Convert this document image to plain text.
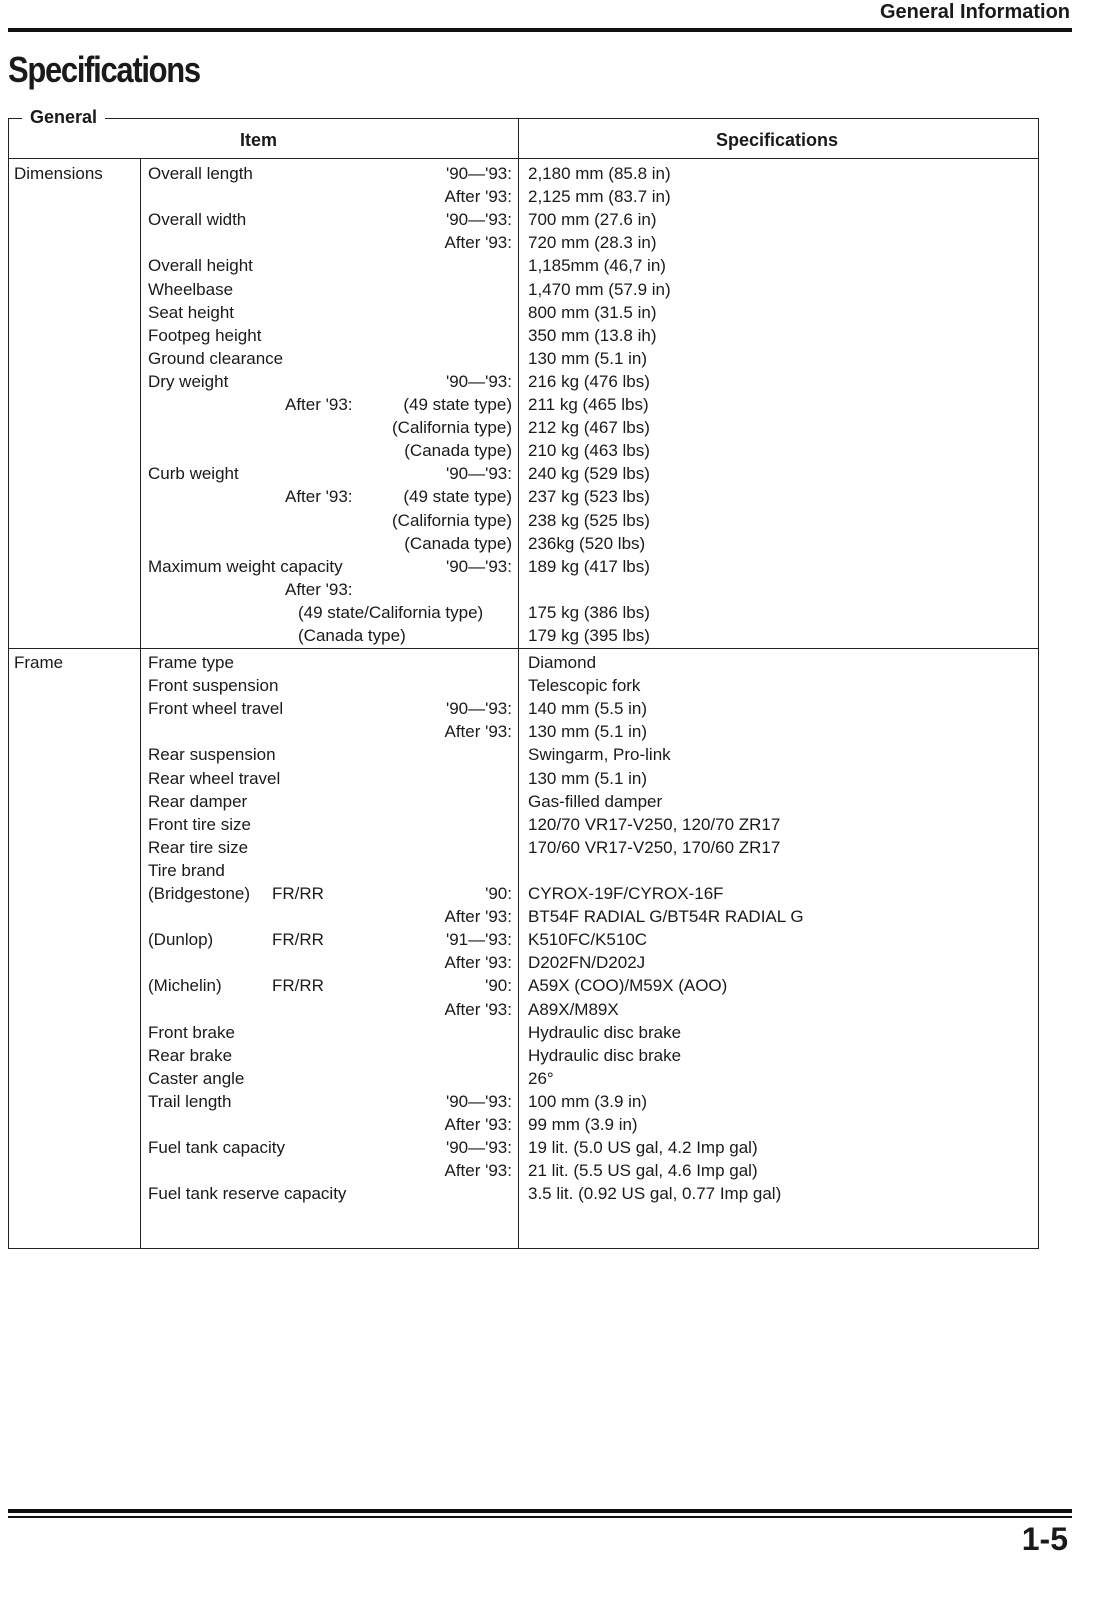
General Information
Specifications
General
Item	Specifications
Dimensions	Overall length	'90—'93: 2,180 mm (85.8 in)
After '93: 2,125 mm (83.7 in)
Overall width	'90—'93: 700 mm (27.6 in)
After '93: 720 mm (28.3 in)
Overall height	1,185mm (46,7 in)
Wheelbase	1,470 mm (57.9 in)
Seat height	800 mm (31.5 in)
Footpeg height	350 mm (13.8 ih)
Ground clearance	130 mm (5.1 in)
Dry weight	'90—'93: 216 kg (476 lbs)
After '93:	(49 state type) 211 kg (465 lbs)
(California type) 212 kg (467 lbs)
(Canada type) 210 kg (463 lbs)
Curb weight	'90—'93: 240 kg (529 lbs)
After '93:	(49 state type) 237 kg (523 lbs)
(California type) 238 kg (525 lbs)
(Canada type) 236kg (520 lbs)
Maximum weight capacity	'90—'93: 189 kg (417 lbs)
After '93:
(49 state/California type)	175 kg (386 lbs)
(Canada type)	179 kg (395 lbs)
Frame	Frame type	Diamond
Front suspension	Telescopic fork
Front wheel travel	'90—'93: 140 mm (5.5 in)
After '93: 130 mm (5.1 in)
Rear suspension	Swingarm, Pro-link
Rear wheel travel	130 mm (5.1 in)
Rear damper	Gas-filled damper
Front tire size	120/70 VR17-V250, 120/70 ZR17
Rear tire size	170/60 VR17-V250, 170/60 ZR17
Tire brand
(Bridgestone) FR/RR	'90: CYROX-19F/CYROX-16F
After '93: BT54F RADIAL G/BT54R RADIAL G
(Dunlop)	FR/RR	'91—'93: K510FC/K510C
After '93: D202FN/D202J
(Michelin)	FR/RR	'90: A59X (COO)/M59X (AOO)
After '93: A89X/M89X
Front brake	Hydraulic disc brake
Rear brake	Hydraulic disc brake
Caster angle	26°
Trail length	'90—'93: 100 mm (3.9 in)
After '93: 99 mm (3.9 in)
Fuel tank capacity	'90—'93: 19 lit. (5.0 US gal, 4.2 Imp gal)
After '93: 21 lit. (5.5 US gal, 4.6 Imp gal)
Fuel tank reserve capacity	3.5 lit. (0.92 US gal, 0.77 Imp gal)
1-5
